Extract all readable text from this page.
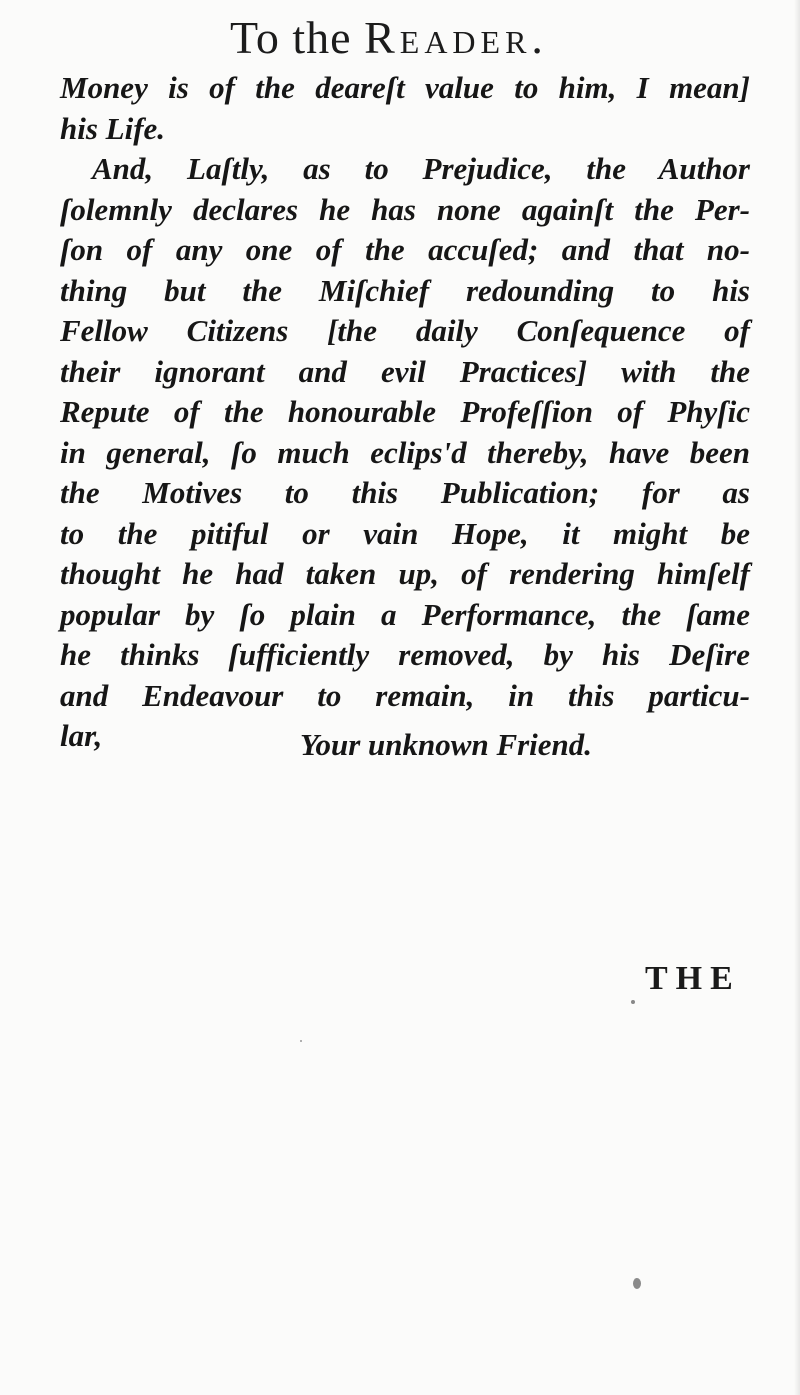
To the Reader.
Money is of the deareſt value to him, I mean]
his Life.
And, Laſtly, as to Prejudice, the Author
ſolemnly declares he has none againſt the Per-
ſon of any one of the accuſed; and that no-
thing but the Miſchief redounding to his
Fellow Citizens [the daily Conſequence of
their ignorant and evil Practices] with the
Repute of the honourable Profeſſion of Phyſic
in general, ſo much eclips'd thereby, have been
the Motives to this Publication; for as
to the pitiful or vain Hope, it might be
thought he had taken up, of rendering himſelf
popular by ſo plain a Performance, the ſame
he thinks ſufficiently removed, by his Deſire
and Endeavour to remain, in this particu-
lar,	Your unknown Friend.
THE
